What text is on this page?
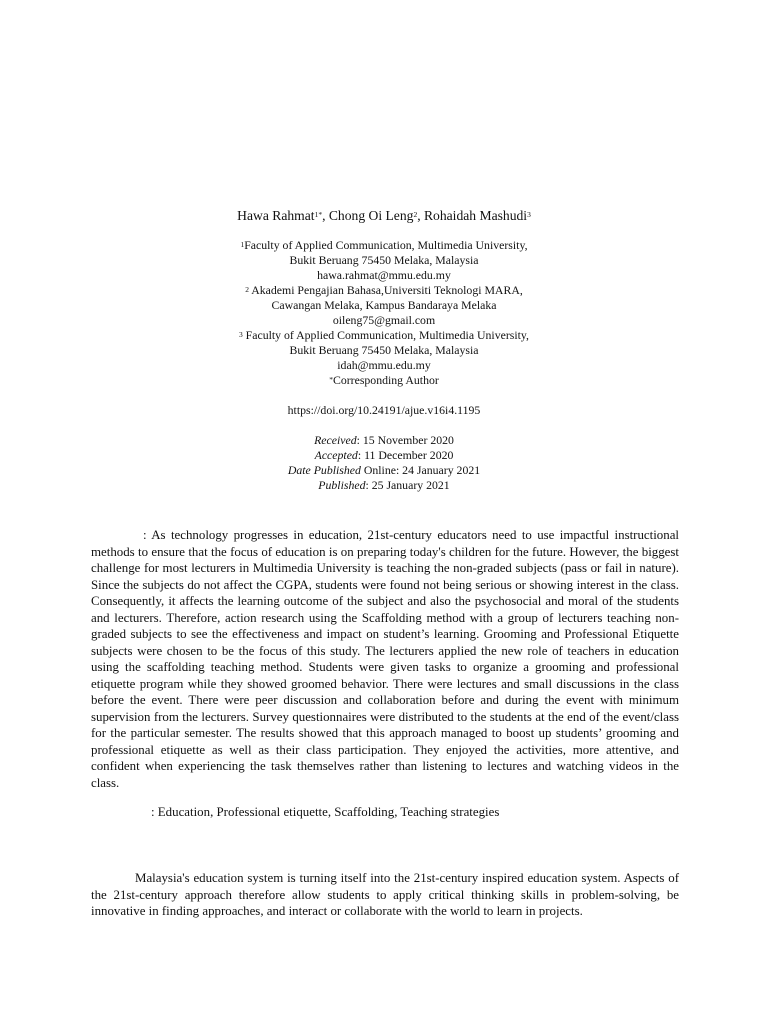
Hawa Rahmat$^{1*}$, Chong Oi Leng$^2$, Rohaidah Mashudi$^3$
$^1$Faculty of Applied Communication, Multimedia University,
Bukit Beruang 75450 Melaka, Malaysia
hawa.rahmat@mmu.edu.my
$^2$ Akademi Pengajian Bahasa,Universiti Teknologi MARA,
Cawangan Melaka, Kampus Bandaraya Melaka
oileng75@gmail.com
$^3$ Faculty of Applied Communication, Multimedia University,
Bukit Beruang 75450 Melaka, Malaysia
idah@mmu.edu.my
*Corresponding Author
https://doi.org/10.24191/ajue.v16i4.1195
Received: 15 November 2020
Accepted: 11 December 2020
Date Published Online: 24 January 2021
Published: 25 January 2021
: As technology progresses in education, 21st-century educators need to use impactful instructional methods to ensure that the focus of education is on preparing today's children for the future. However, the biggest challenge for most lecturers in Multimedia University is teaching the non-graded subjects (pass or fail in nature). Since the subjects do not affect the CGPA, students were found not being serious or showing interest in the class. Consequently, it affects the learning outcome of the subject and also the psychosocial and moral of the students and lecturers. Therefore, action research using the Scaffolding method with a group of lecturers teaching non-graded subjects to see the effectiveness and impact on student’s learning. Grooming and Professional Etiquette subjects were chosen to be the focus of this study. The lecturers applied the new role of teachers in education using the scaffolding teaching method. Students were given tasks to organize a grooming and professional etiquette program while they showed groomed behavior. There were lectures and small discussions in the class before the event. There were peer discussion and collaboration before and during the event with minimum supervision from the lecturers. Survey questionnaires were distributed to the students at the end of the event/class for the particular semester. The results showed that this approach managed to boost up students’ grooming and professional etiquette as well as their class participation. They enjoyed the activities, more attentive, and confident when experiencing the task themselves rather than listening to lectures and watching videos in the class.
: Education, Professional etiquette, Scaffolding, Teaching strategies
Malaysia's education system is turning itself into the 21st-century inspired education system. Aspects of the 21st-century approach therefore allow students to apply critical thinking skills in problem-solving, be innovative in finding approaches, and interact or collaborate with the world to learn in projects.
